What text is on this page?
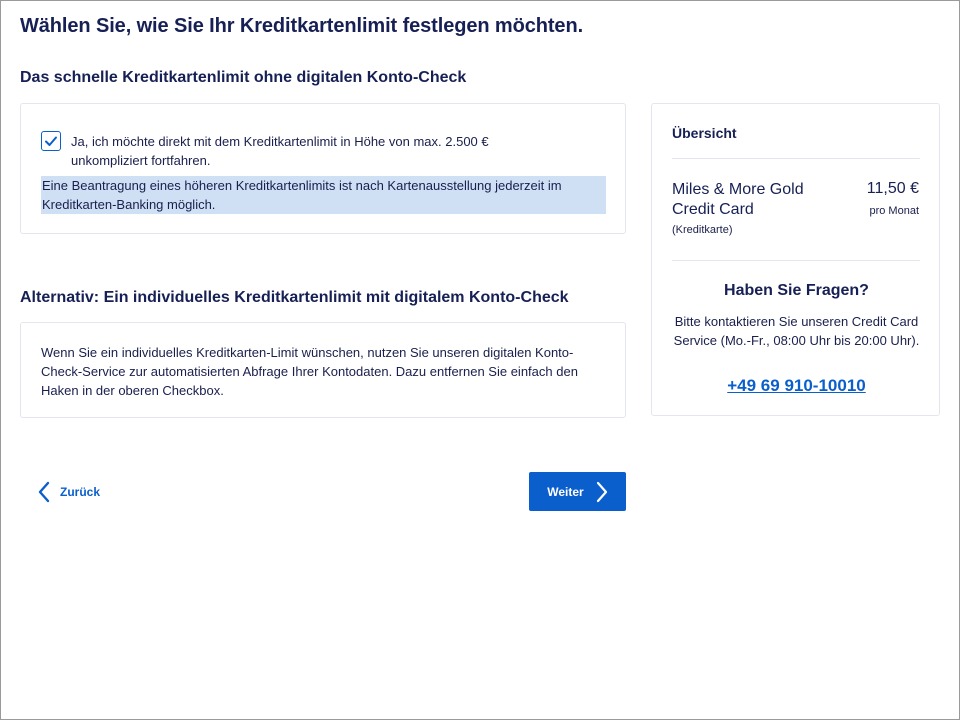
Wählen Sie, wie Sie Ihr Kreditkartenlimit festlegen möchten.
Das schnelle Kreditkartenlimit ohne digitalen Konto-Check
Ja, ich möchte direkt mit dem Kreditkartenlimit in Höhe von max. 2.500 € unkompliziert fortfahren.
Eine Beantragung eines höheren Kreditkartenlimits ist nach Kartenausstellung jederzeit im Kreditkarten-Banking möglich.
Alternativ: Ein individuelles Kreditkartenlimit mit digitalem Konto-Check
Wenn Sie ein individuelles Kreditkarten-Limit wünschen, nutzen Sie unseren digitalen Konto-Check-Service zur automatisierten Abfrage Ihrer Kontodaten. Dazu entfernen Sie einfach den Haken in der oberen Checkbox.
Übersicht
Miles & More Gold Credit Card
11,50 €
pro Monat
(Kreditkarte)
Haben Sie Fragen?
Bitte kontaktieren Sie unseren Credit Card Service (Mo.-Fr., 08:00 Uhr bis 20:00 Uhr).
+49 69 910-10010
Zurück	Weiter
